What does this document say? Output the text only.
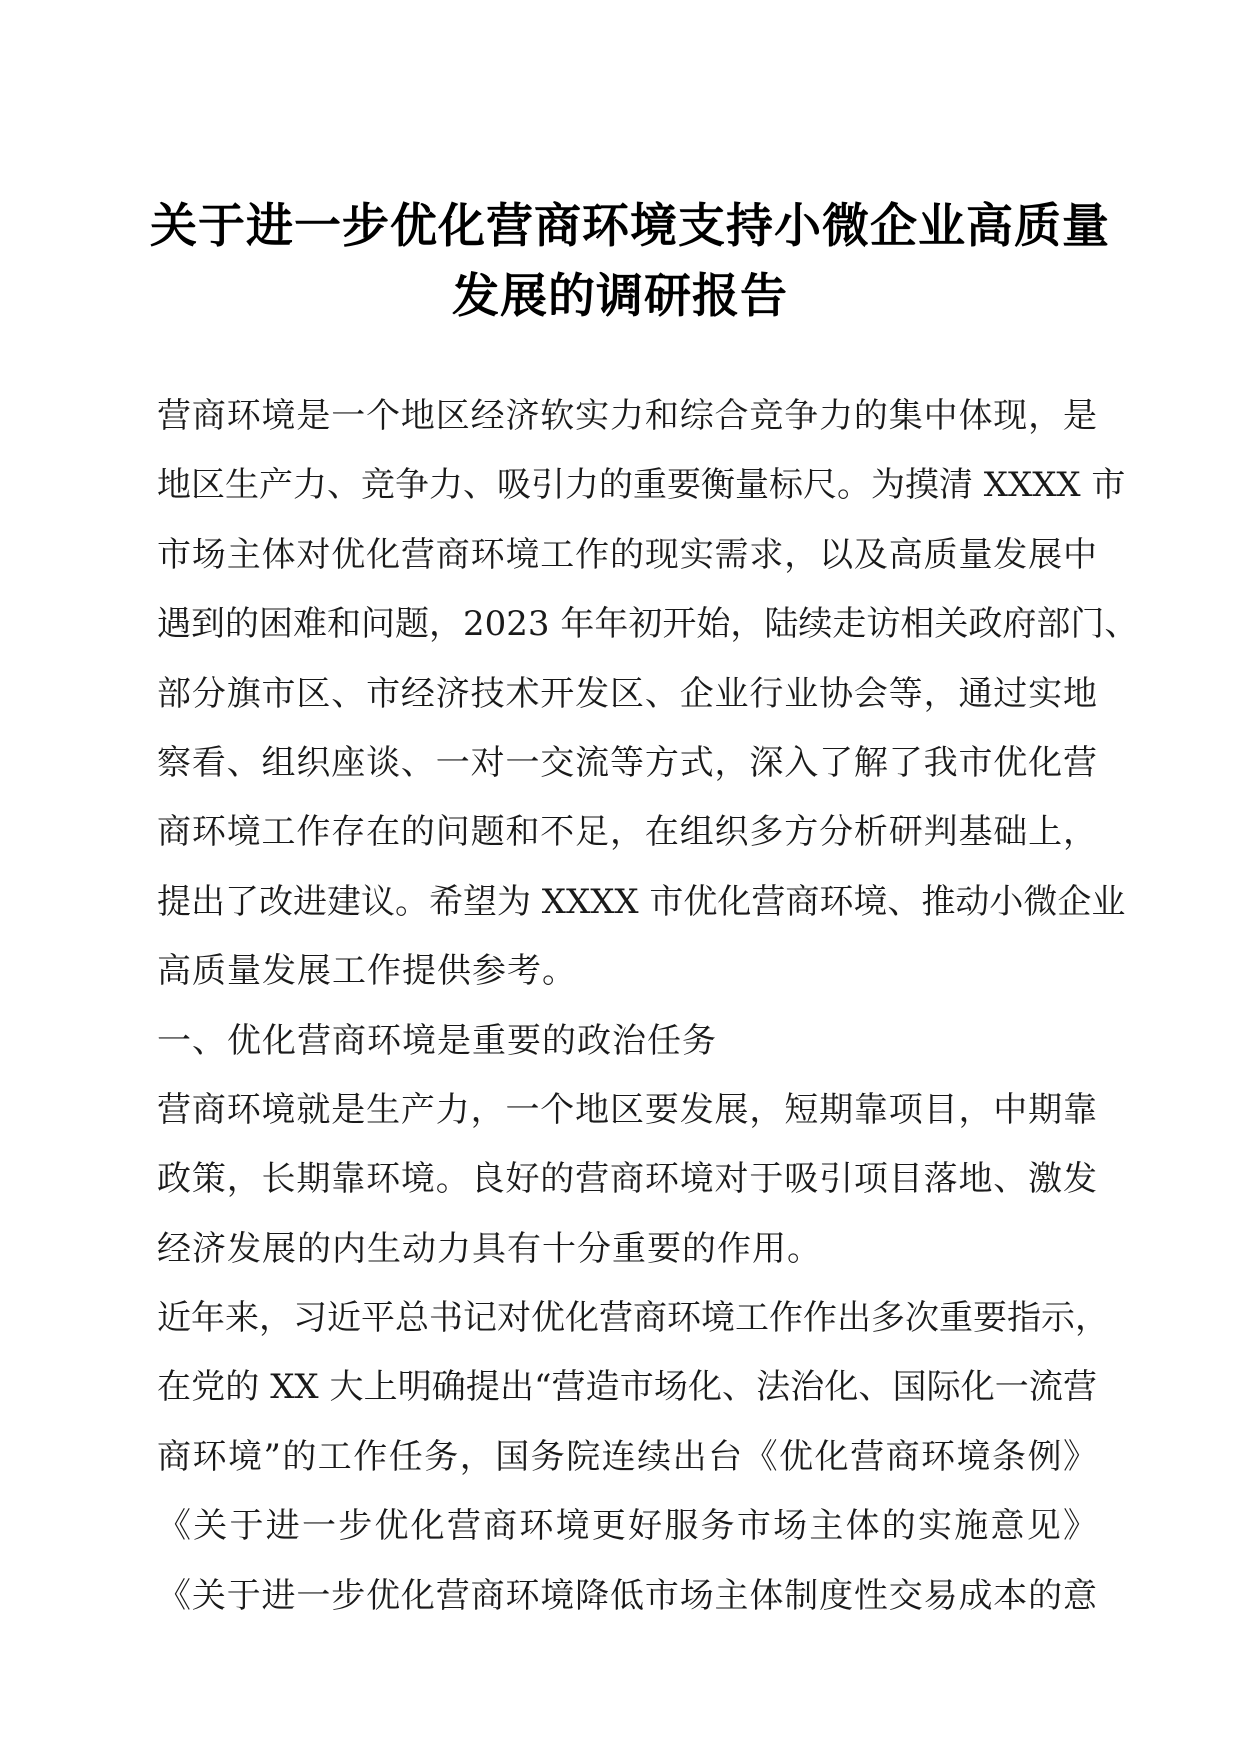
关于进一步优化营商环境支持小微企业高质量
发展的调研报告
营商环境是一个地区经济软实力和综合竞争力的集中体现，是
地区生产力、竞争力、吸引力的重要衡量标尺。为摸清 XXXX 市
市场主体对优化营商环境工作的现实需求，以及高质量发展中
遇到的困难和问题，2023 年年初开始，陆续走访相关政府部门、
部分旗市区、市经济技术开发区、企业行业协会等，通过实地
察看、组织座谈、一对一交流等方式，深入了解了我市优化营
商环境工作存在的问题和不足，在组织多方分析研判基础上，
提出了改进建议。希望为 XXXX 市优化营商环境、推动小微企业
高质量发展工作提供参考。
一、优化营商环境是重要的政治任务
营商环境就是生产力，一个地区要发展，短期靠项目，中期靠
政策，长期靠环境。良好的营商环境对于吸引项目落地、激发
经济发展的内生动力具有十分重要的作用。
近年来，习近平总书记对优化营商环境工作作出多次重要指示，
在党的 XX 大上明确提出“营造市场化、法治化、国际化一流营
商环境”的工作任务，国务院连续出台《优化营商环境条例》
《关于进一步优化营商环境更好服务市场主体的实施意见》
《关于进一步优化营商环境降低市场主体制度性交易成本的意
